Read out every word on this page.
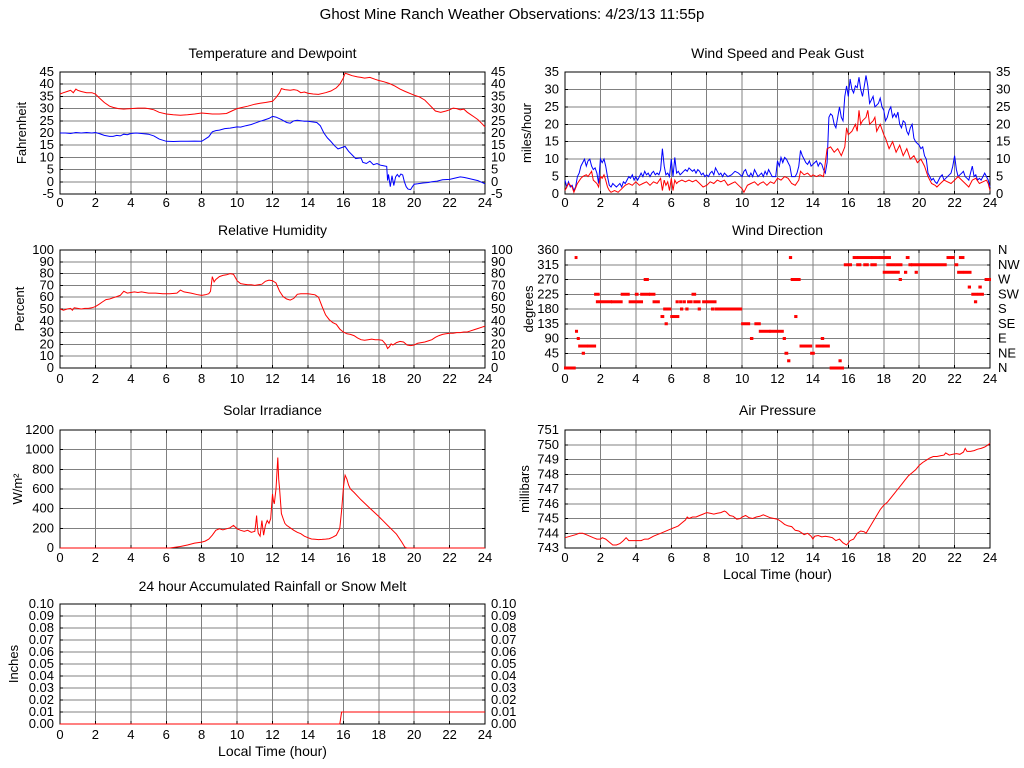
Ghost Mine Ranch Weather Observations: 4/23/13 11:55p
0 2 4 6 8 10 12 14 16 18 20 22 24
-5
0
5
10
15
20
25
30
35
40
45
-5
0
5
10
15
20
25
30
35
40
45
Temperature and Dewpoint
Fahrenheit
0 2 4 6 8 10 12 14 16 18 20 22 24
0
5
10
15
20
25
30
35
0
5
10
15
20
25
30
35
Wind Speed and Peak Gust
miles/hour
0 2 4 6 8 10 12 14 16 18 20 22 24
0
10
20
30
40
50
60
70
80
90
100
0
10
20
30
40
50
60
70
80
90
100
Relative Humidity
Percent
0 2 4 6 8 10 12 14 16 18 20 22 24
0
45
90
135
180
225
270
315
360	N
NW
W
SW
S
SE
E
NE
N
Wind Direction
degrees
0 2 4 6 8 10 12 14 16 18 20 22 24
0
200
400
600
800
1000
1200
Solar Irradiance
W/m²
0 2 4 6 8 10 12 14 16 18 20 22 24
743
744
745
746
747
748
749
750
751
Air Pressure
millibars
Local Time (hour)
0 2 4 6 8 10 12 14 16 18 20 22 24
0.00
0.01
0.02
0.03
0.04
0.05
0.06
0.07
0.08
0.09
0.10
0.00
0.01
0.02
0.03
0.04
0.05
0.06
0.07
0.08
0.09
0.10
24 hour Accumulated Rainfall or Snow Melt
Inches
Local Time (hour)
